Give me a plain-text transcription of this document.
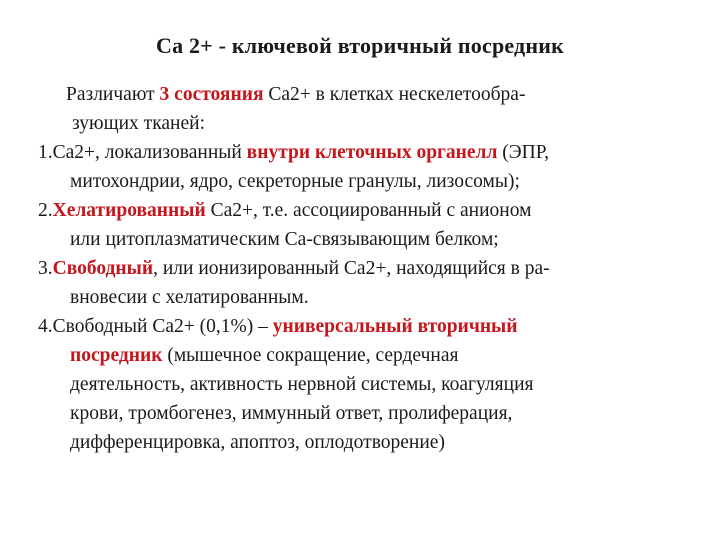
Са 2+ - ключевой вторичный посредник

Различают 3 состояния Са2+ в клетках нескелетообра-
зующих тканей:

1.Са2+, локализованный внутри клеточных органелл (ЭПР,
митохондрии, ядро, секреторные гранулы, лизосомы);

2.Хелатированный Са2+, т.е. ассоциированный с анионом
или цитоплазматическим Са-связывающим белком;

3.Свободный, или ионизированный Са2+, находящийся в ра-
вновесии с хелатированным.

4.Свободный Са2+ (0,1%) – универсальный вторичный
посредник (мышечное сокращение, сердечная
деятельность, активность нервной системы, коагуляция
крови, тромбогенез, иммунный ответ, пролиферация,
дифференцировка, апоптоз, оплодотворение)
